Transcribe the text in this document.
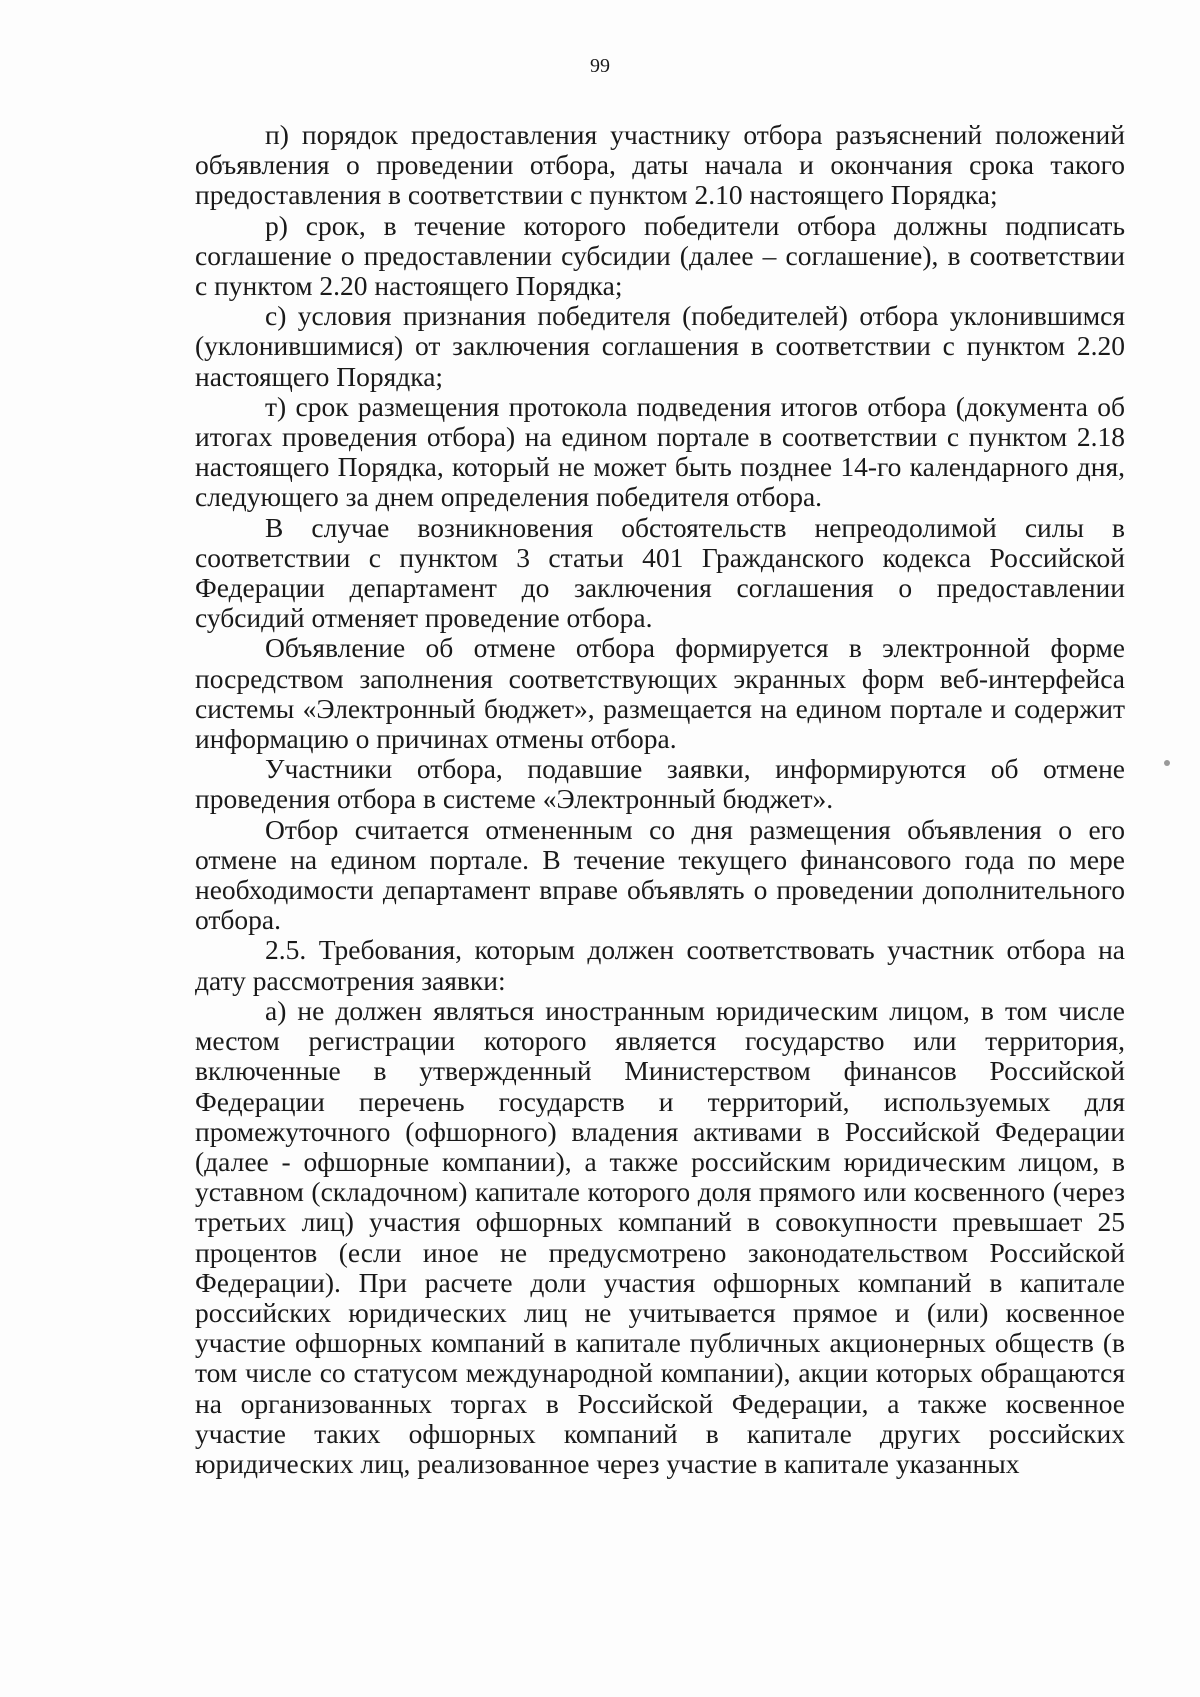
99

п) порядок предоставления участнику отбора разъяснений положений объявления о проведении отбора, даты начала и окончания срока такого предоставления в соответствии с пунктом 2.10 настоящего Порядка;

р) срок, в течение которого победители отбора должны подписать соглашение о предоставлении субсидии (далее – соглашение), в соответствии с пунктом 2.20 настоящего Порядка;

с) условия признания победителя (победителей) отбора уклонившимся (уклонившимися) от заключения соглашения в соответствии с пунктом 2.20 настоящего Порядка;

т) срок размещения протокола подведения итогов отбора (документа об итогах проведения отбора) на едином портале в соответствии с пунктом 2.18 настоящего Порядка, который не может быть позднее 14-го календарного дня, следующего за днем определения победителя отбора.

В случае возникновения обстоятельств непреодолимой силы в соответствии с пунктом 3 статьи 401 Гражданского кодекса Российской Федерации департамент до заключения соглашения о предоставлении субсидий отменяет проведение отбора.

Объявление об отмене отбора формируется в электронной форме посредством заполнения соответствующих экранных форм веб-интерфейса системы «Электронный бюджет», размещается на едином портале и содержит информацию о причинах отмены отбора.

Участники отбора, подавшие заявки, информируются об отмене проведения отбора в системе «Электронный бюджет».

Отбор считается отмененным со дня размещения объявления о его отмене на едином портале. В течение текущего финансового года по мере необходимости департамент вправе объявлять о проведении дополнительного отбора.

2.5. Требования, которым должен соответствовать участник отбора на дату рассмотрения заявки:

а) не должен являться иностранным юридическим лицом, в том числе местом регистрации которого является государство или территория, включенные в утвержденный Министерством финансов Российской Федерации перечень государств и территорий, используемых для промежуточного (офшорного) владения активами в Российской Федерации (далее - офшорные компании), а также российским юридическим лицом, в уставном (складочном) капитале которого доля прямого или косвенного (через третьих лиц) участия офшорных компаний в совокупности превышает 25 процентов (если иное не предусмотрено законодательством Российской Федерации). При расчете доли участия офшорных компаний в капитале российских юридических лиц не учитывается прямое и (или) косвенное участие офшорных компаний в капитале публичных акционерных обществ (в том числе со статусом международной компании), акции которых обращаются на организованных торгах в Российской Федерации, а также косвенное участие таких офшорных компаний в капитале других российских юридических лиц, реализованное через участие в капитале указанных
